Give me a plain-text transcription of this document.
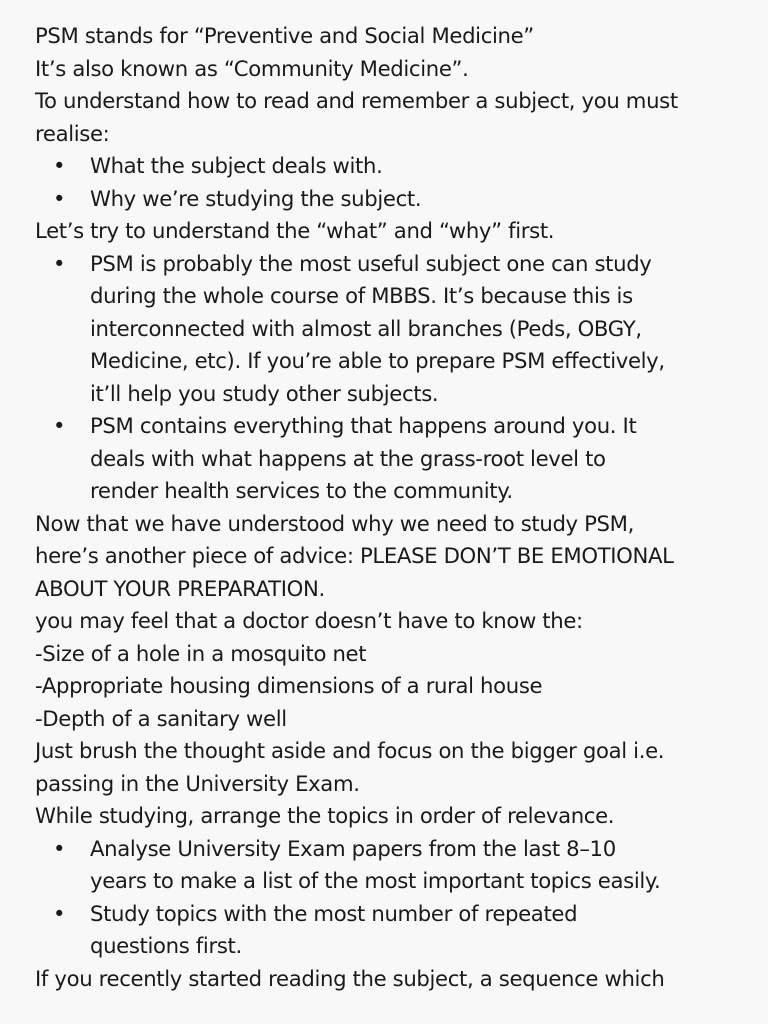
PSM stands for “Preventive and Social Medicine”

It’s also known as “Community Medicine”.

To understand how to read and remember a subject, you must

realise:

• What the subject deals with.
• Why we’re studying the subject.

Let’s try to understand the “what” and “why” first.

• PSM is probably the most useful subject one can study
during the whole course of MBBS. It’s because this is
interconnected with almost all branches (Peds, OBGY,
Medicine, etc). If you’re able to prepare PSM effectively,
it’ll help you study other subjects.
• PSM contains everything that happens around you. It
deals with what happens at the grass-root level to
render health services to the community.

Now that we have understood why we need to study PSM,

here’s another piece of advice: PLEASE DON’T BE EMOTIONAL

ABOUT YOUR PREPARATION.

you may feel that a doctor doesn’t have to know the:

-Size of a hole in a mosquito net

-Appropriate housing dimensions of a rural house

-Depth of a sanitary well

Just brush the thought aside and focus on the bigger goal i.e.

passing in the University Exam.

While studying, arrange the topics in order of relevance.

• Analyse University Exam papers from the last 8–10
years to make a list of the most important topics easily.
• Study topics with the most number of repeated
questions first.

If you recently started reading the subject, a sequence which
